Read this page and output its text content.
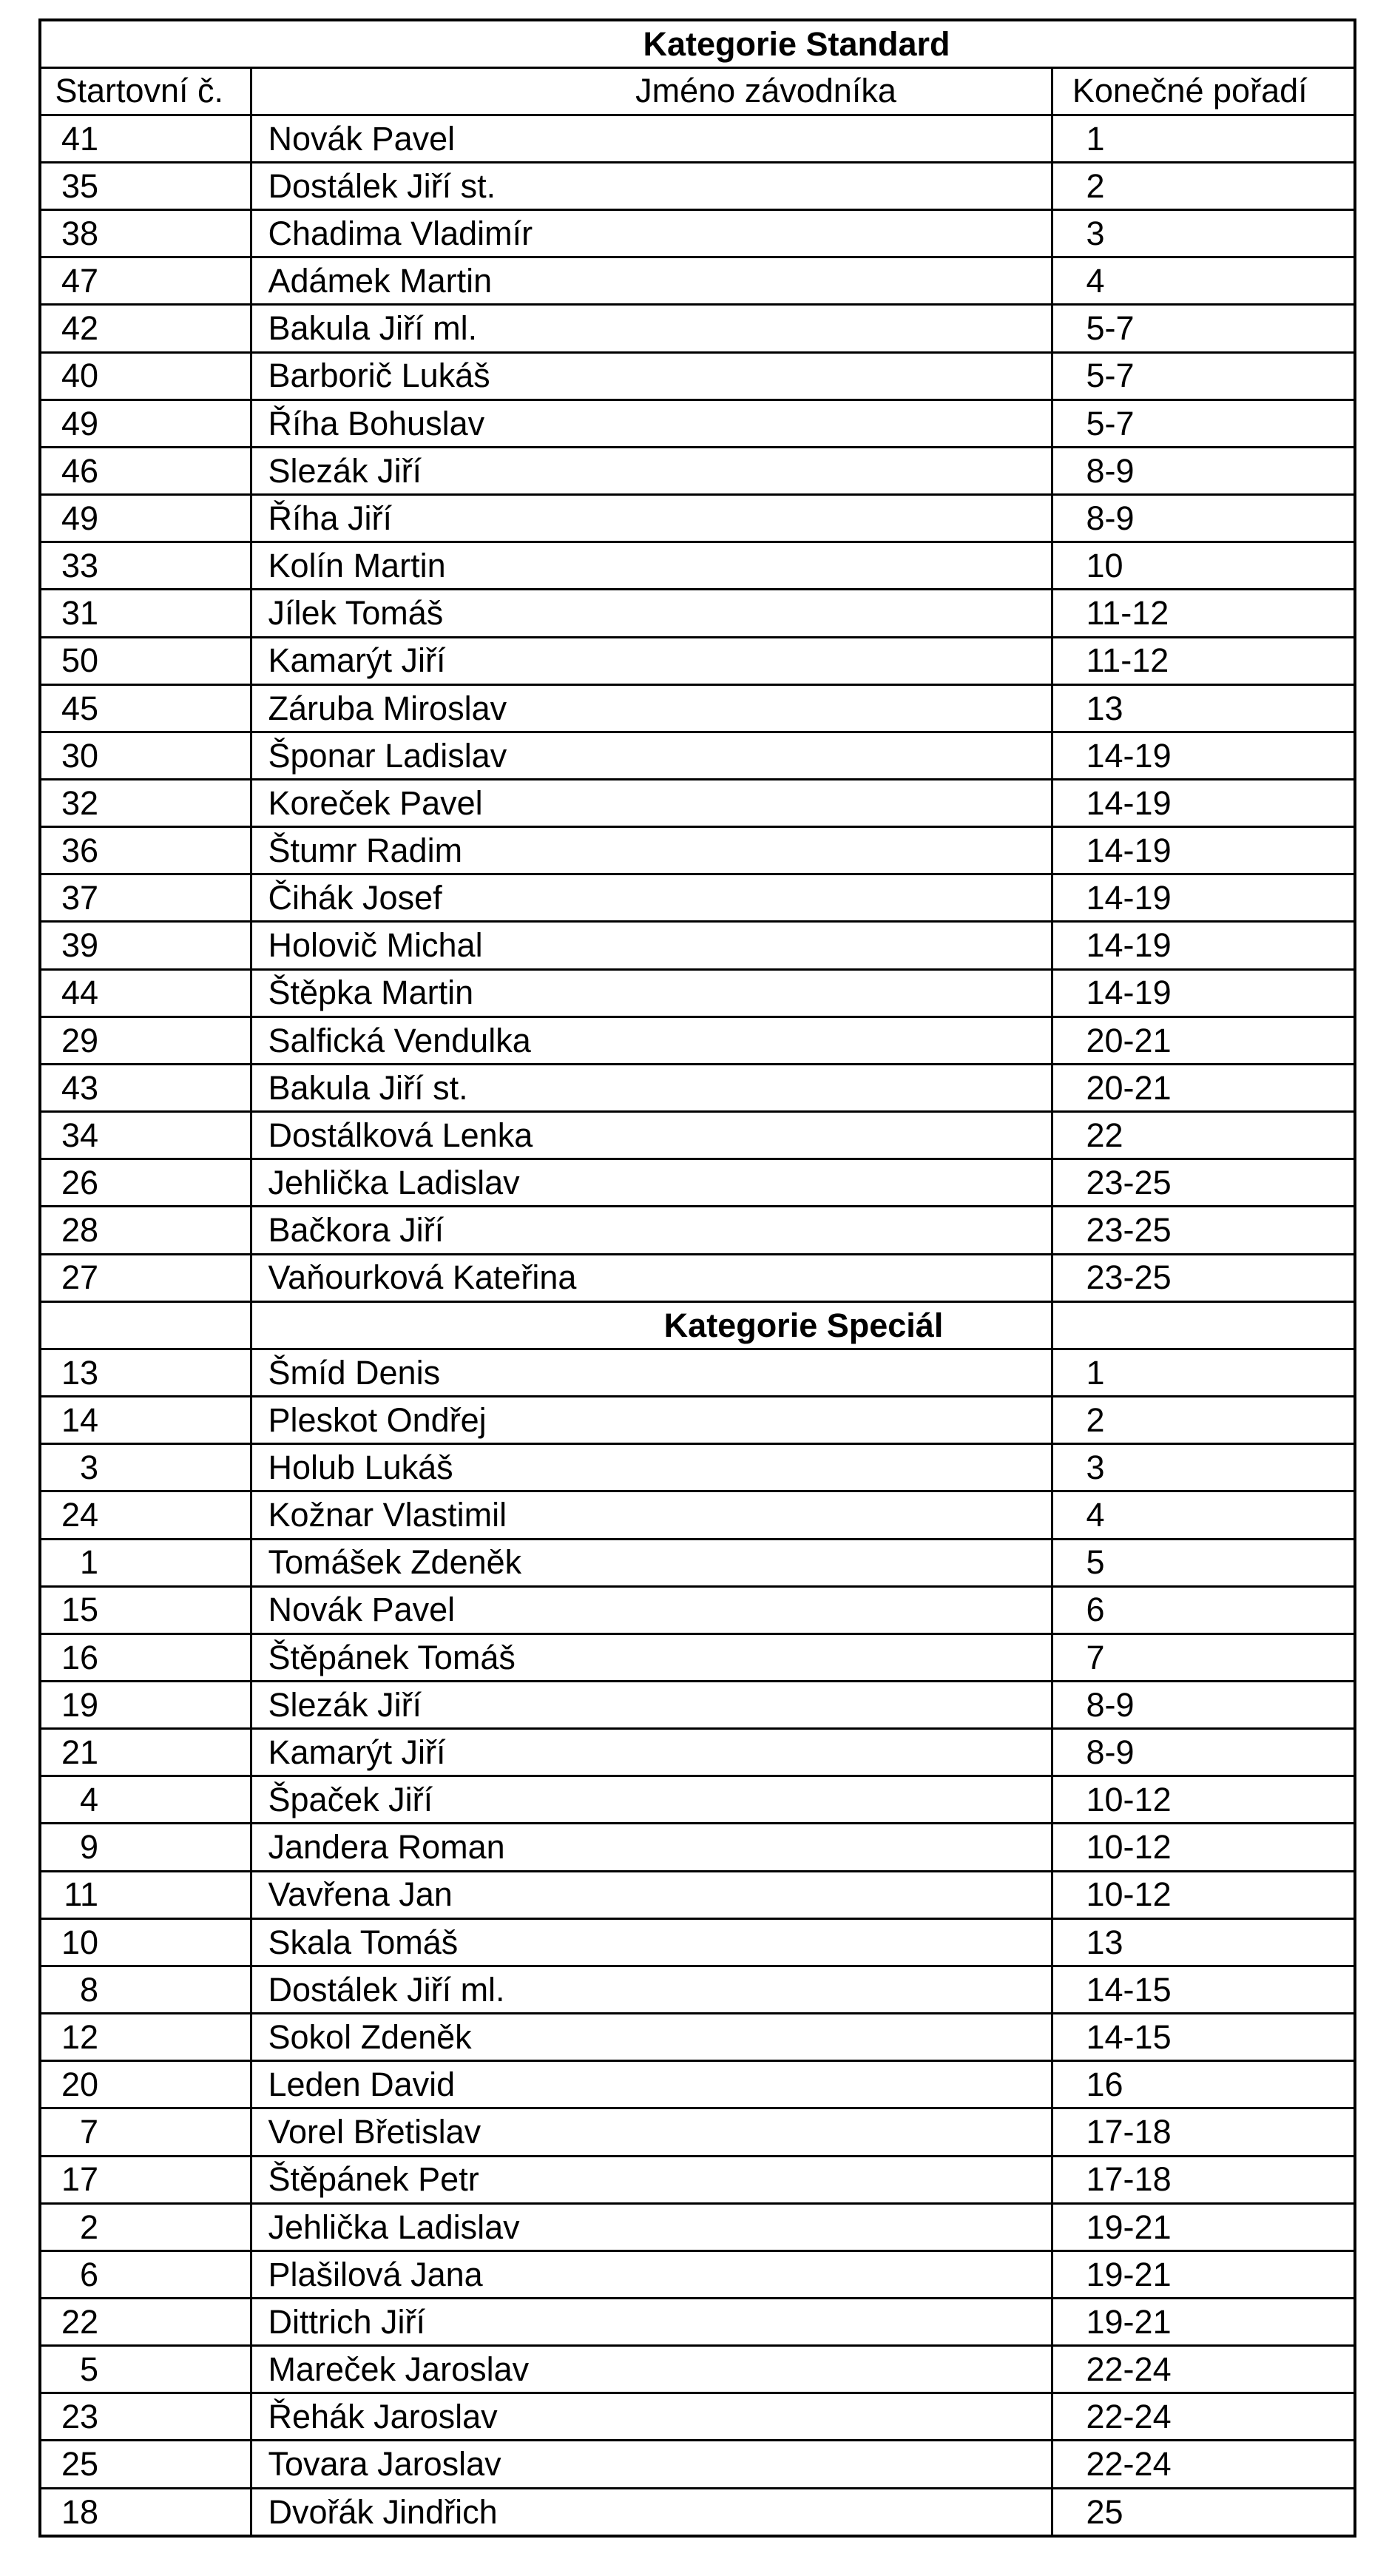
Kategorie Standard		
Startovní č.	Jméno závodníka	Konečné pořadí
41	Novák Pavel	1
35	Dostálek Jiří st.	2
38	Chadima Vladimír	3
47	Adámek Martin	4
42	Bakula Jiří ml.	5-7
40	Barborič Lukáš	5-7
49	Říha Bohuslav	5-7
46	Slezák Jiří	8-9
49	Říha Jiří	8-9
33	Kolín Martin	10
31	Jílek Tomáš	11-12
50	Kamarýt Jiří	11-12
45	Záruba Miroslav	13
30	Šponar Ladislav	14-19
32	Koreček Pavel	14-19
36	Štumr Radim	14-19
37	Čihák Josef	14-19
39	Holovič Michal	14-19
44	Štěpka Martin	14-19
29	Salfická Vendulka	20-21
43	Bakula Jiří st.	20-21
34	Dostálková Lenka	22
26	Jehlička Ladislav	23-25
28	Bačkora Jiří	23-25
27	Vaňourková Kateřina	23-25
	Kategorie Speciál	
13	Šmíd Denis	1
14	Pleskot Ondřej	2
3	Holub Lukáš	3
24	Kožnar Vlastimil	4
1	Tomášek Zdeněk	5
15	Novák Pavel	6
16	Štěpánek Tomáš	7
19	Slezák Jiří	8-9
21	Kamarýt Jiří	8-9
4	Špaček Jiří	10-12
9	Jandera Roman	10-12
11	Vavřena Jan	10-12
10	Skala Tomáš	13
8	Dostálek Jiří ml.	14-15
12	Sokol Zdeněk	14-15
20	Leden David	16
7	Vorel Břetislav	17-18
17	Štěpánek Petr	17-18
2	Jehlička Ladislav	19-21
6	Plašilová Jana	19-21
22	Dittrich Jiří	19-21
5	Mareček Jaroslav	22-24
23	Řehák Jaroslav	22-24
25	Tovara Jaroslav	22-24
18	Dvořák Jindřich	25
